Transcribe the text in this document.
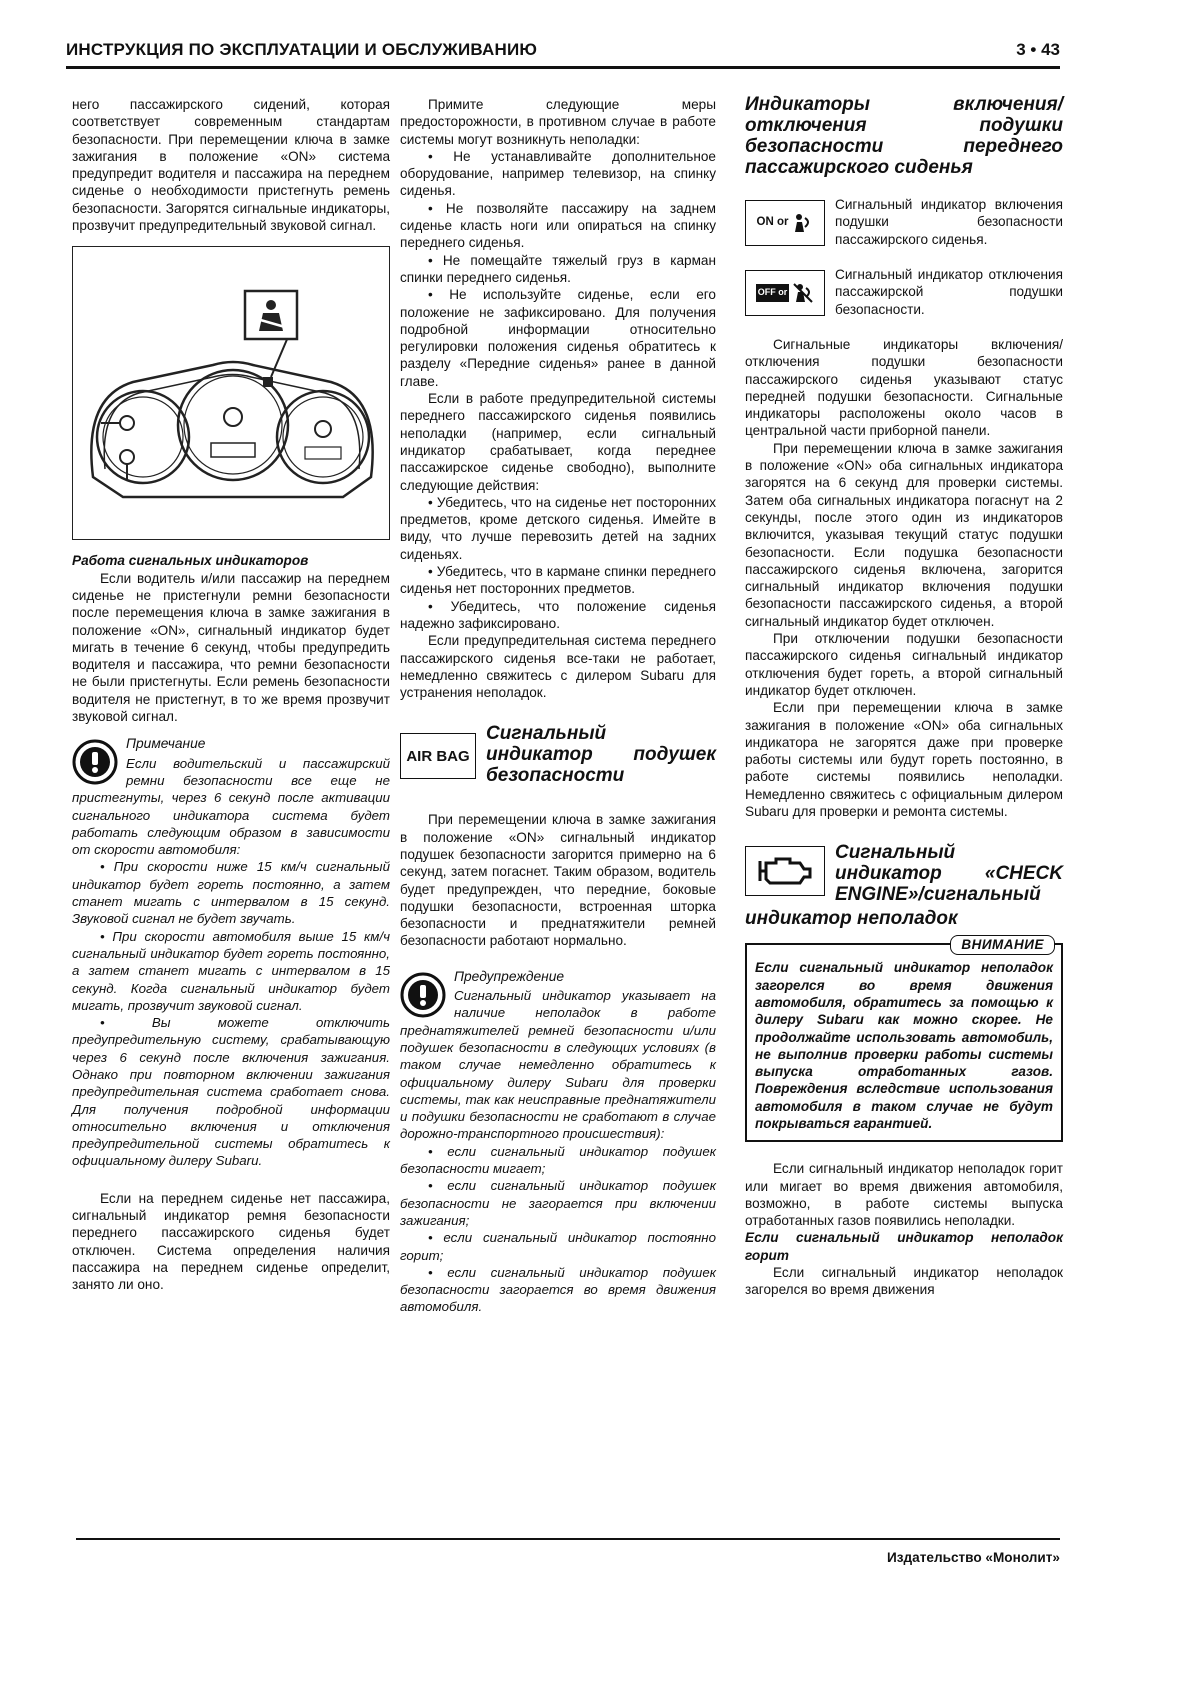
ИНСТРУКЦИЯ ПО ЭКСПЛУАТАЦИИ И ОБСЛУЖИВАНИЮ	3 • 43

него пассажирского сидений, которая соответствует современным стандартам безопасности. При перемещении ключа в замке зажигания в положение «ON» система предупредит водителя и пассажира на переднем сиденье о необходимости пристегнуть ремень безопасности. Загорятся сигнальные индикаторы, прозвучит предупредительный звуковой сигнал.

Работа сигнальных индикаторов

Если водитель и/или пассажир на переднем сиденье не пристегнули ремни безопасности после перемещения ключа в замке зажигания в положение «ON», сигнальный индикатор будет мигать в течение 6 секунд, чтобы предупредить водителя и пассажира, что ремни безопасности не были пристегнуты. Если ремень безопасности водителя не пристегнут, в то же время прозвучит звуковой сигнал.

Примечание

Если водительский и пассажирский ремни безопасности все еще не пристегнуты, через 6 секунд после активации сигнального индикатора система будет работать следующим образом в зависимости от скорости автомобиля:

• При скорости ниже 15 км/ч сигнальный индикатор будет гореть постоянно, а затем станет мигать с интервалом в 15 секунд. Звуковой сигнал не будет звучать.

• При скорости автомобиля выше 15 км/ч сигнальный индикатор будет гореть постоянно, а затем станет мигать с интервалом в 15 секунд. Когда сигнальный индикатор будет мигать, прозвучит звуковой сигнал.

• Вы можете отключить предупредительную систему, срабатывающую через 6 секунд после включения зажигания. Однако при повторном включении зажигания предупредительная система сработает снова. Для получения подробной информации относительно включения и отключения предупредительной системы обратитесь к официальному дилеру Subaru.

Если на переднем сиденье нет пассажира, сигнальный индикатор ремня безопасности переднего пассажирского сиденья будет отключен. Система определения наличия пассажира на переднем сиденье определит, занято ли оно.

Примите следующие меры предосторожности, в противном случае в работе системы могут возникнуть неполадки:

• Не устанавливайте дополнительное оборудование, например телевизор, на спинку сиденья.

• Не позволяйте пассажиру на заднем сиденье класть ноги или опираться на спинку переднего сиденья.

• Не помещайте тяжелый груз в карман спинки переднего сиденья.

• Не используйте сиденье, если его положение не зафиксировано. Для получения подробной информации относительно регулировки положения сиденья обратитесь к разделу «Передние сиденья» ранее в данной главе.

Если в работе предупредительной системы переднего пассажирского сиденья появились неполадки (например, если сигнальный индикатор срабатывает, когда переднее пассажирское сиденье свободно), выполните следующие действия:

• Убедитесь, что на сиденье нет посторонних предметов, кроме детского сиденья. Имейте в виду, что лучше перевозить детей на задних сиденьях.

• Убедитесь, что в кармане спинки переднего сиденья нет посторонних предметов.

• Убедитесь, что положение сиденья надежно зафиксировано.

Если предупредительная система переднего пассажирского сиденья все-таки не работает, немедленно свяжитесь с дилером Subaru для устранения неполадок.

AIR BAG
Сигнальный индикатор подушек безопасности

При перемещении ключа в замке зажигания в положение «ON» сигнальный индикатор подушек безопасности загорится примерно на 6 секунд, затем погаснет. Таким образом, водитель будет предупрежден, что передние, боковые подушки безопасности, встроенная шторка безопасности и преднатяжители ремней безопасности работают нормально.

Предупреждение

Сигнальный индикатор указывает на наличие неполадок в работе преднатяжителей ремней безопасности и/или подушек безопасности в следующих условиях (в таком случае немедленно обратитесь к официальному дилеру Subaru для проверки системы, так как неисправные преднатяжители и подушки безопасности не сработают в случае дорожно-транспортного происшествия):

• если сигнальный индикатор подушек безопасности мигает;

• если сигнальный индикатор подушек безопасности не загорается при включении зажигания;

• если сигнальный индикатор постоянно горит;

• если сигнальный индикатор подушек безопасности загорается во время движения автомобиля.

Индикаторы включения/ отключения подушки безопасности переднего пассажирского сиденья
ON or
Сигнальный индикатор включения подушки безопасности пассажирского сиденья.
OFF or
Сигнальный индикатор отключения пассажирской подушки безопасности.

Сигнальные индикаторы включения/отключения подушки безопасности пассажирского сиденья указывают статус передней подушки безопасности. Сигнальные индикаторы расположены около часов в центральной части приборной панели.

При перемещении ключа в замке зажигания в положение «ON» оба сигнальных индикатора загорятся на 6 секунд для проверки системы. Затем оба сигнальных индикатора погаснут на 2 секунды, после этого один из индикаторов включится, указывая текущий статус подушки безопасности. Если подушка безопасности пассажирского сиденья включена, загорится сигнальный индикатор включения подушки безопасности пассажирского сиденья, а второй сигнальный индикатор будет отключен.

При отключении подушки безопасности пассажирского сиденья сигнальный индикатор отключения будет гореть, а второй сигнальный индикатор будет отключен.

Если при перемещении ключа в замке зажигания в положение «ON» оба сигнальных индикатора не загорятся даже при проверке работы системы или будут гореть постоянно, в работе системы появились неполадки. Немедленно свяжитесь с официальным дилером Subaru для проверки и ремонта системы.

Сигнальный индикатор «CHECK ENGINE»/сигнальный
индикатор неполадок
ВНИМАНИЕ

Если сигнальный индикатор неполадок загорелся во время движения автомобиля, обратитесь за помощью к дилеру Subaru как можно скорее. Не продолжайте использовать автомобиль, не выполнив проверки работы системы выпуска отработанных газов. Повреждения вследствие использования автомобиля в таком случае не будут покрываться гарантией.

Если сигнальный индикатор неполадок горит или мигает во время движения автомобиля, возможно, в работе системы выпуска отработанных газов появились неполадки.

Если сигнальный индикатор неполадок горит

Если сигнальный индикатор неполадок загорелся во время движения

Издательство «Монолит»
